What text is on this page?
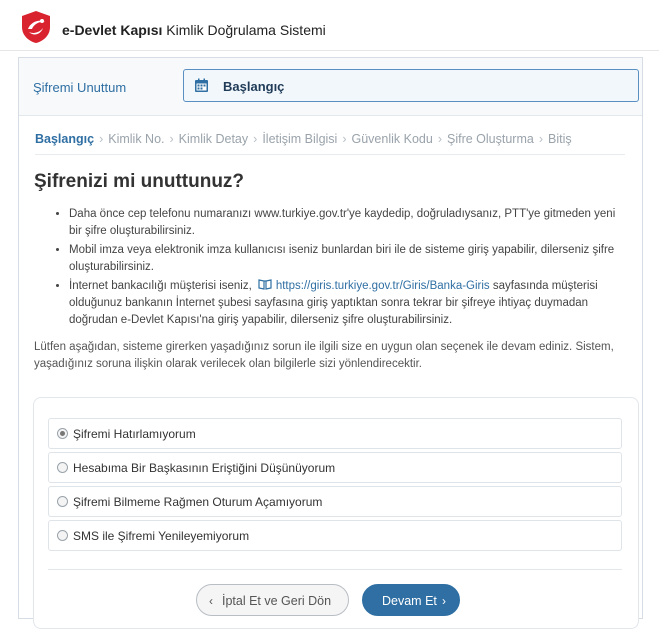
e-Devlet Kapısı Kimlik Doğrulama Sistemi
Şifremi Unuttum	Başlangıç
Başlangıç › Kimlik No. › Kimlik Detay › İletişim Bilgisi › Güvenlik Kodu › Şifre Oluşturma › Bitiş
Şifrenizi mi unuttunuz?
• Daha önce cep telefonu numaranızı www.turkiye.gov.tr'ye kaydedip, doğruladıysanız, PTT'ye gitmeden yeni bir şifre oluşturabilirsiniz.
• Mobil imza veya elektronik imza kullanıcısı iseniz bunlardan biri ile de sisteme giriş yapabilir, dilerseniz şifre oluşturabilirsiniz.
• İnternet bankacılığı müşterisi iseniz, https://giris.turkiye.gov.tr/Giris/Banka-Giris sayfasında müşterisi olduğunuz bankanın İnternet şubesi sayfasına giriş yaptıktan sonra tekrar bir şifreye ihtiyaç duymadan doğrudan e-Devlet Kapısı'na giriş yapabilir, dilerseniz şifre oluşturabilirsiniz.
Lütfen aşağıdan, sisteme girerken yaşadığınız sorun ile ilgili size en uygun olan seçenek ile devam ediniz. Sistem, yaşadığınız soruna ilişkin olarak verilecek olan bilgilerle sizi yönlendirecektir.
Şifremi Hatırlamıyorum
Hesabıma Bir Başkasının Eriştiğini Düşünüyorum
Şifremi Bilmeme Rağmen Oturum Açamıyorum
SMS ile Şifremi Yenileyemiyorum
‹ İptal Et ve Geri Dön	Devam Et ›
